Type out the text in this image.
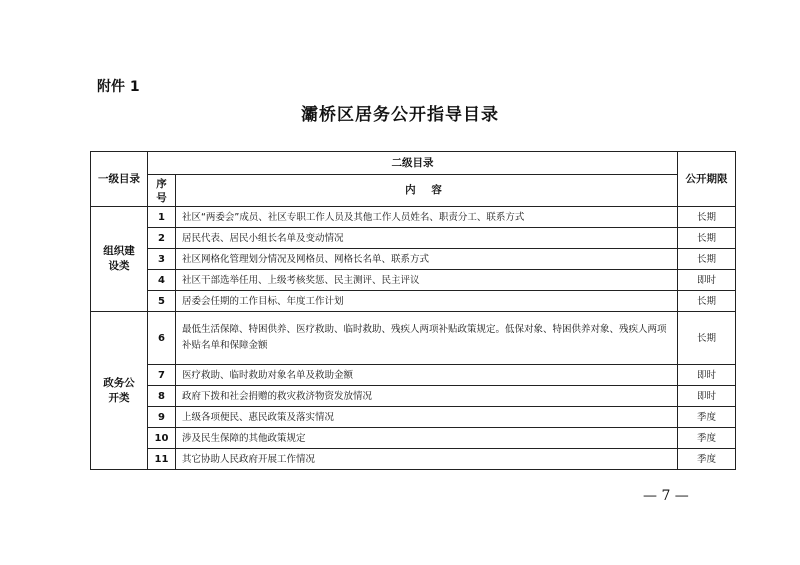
附件 1
灞桥区居务公开指导目录
一级目录	二级目录		公开期限
	序号	内 容	
组织建设类	1	社区“两委会”成员、社区专职工作人员及其他工作人员姓名、职责分工、联系方式	长期
	2	居民代表、居民小组长名单及变动情况	长期
	3	社区网格化管理划分情况及网格员、网格长名单、联系方式	长期
	4	社区干部选举任用、上级考核奖惩、民主测评、民主评议	即时
	5	居委会任期的工作目标、年度工作计划	长期
政务公开类	6	最低生活保障、特困供养、医疗救助、临时救助、残疾人两项补贴政策规定。低保对象、特困供养对象、残疾人两项补贴名单和保障金额	长期
	7	医疗救助、临时救助对象名单及救助金额	即时
	8	政府下拨和社会捐赠的救灾救济物资发放情况	即时
	9	上级各项便民、惠民政策及落实情况	季度
	10	涉及民生保障的其他政策规定	季度
	11	其它协助人民政府开展工作情况	季度
— 7 —
